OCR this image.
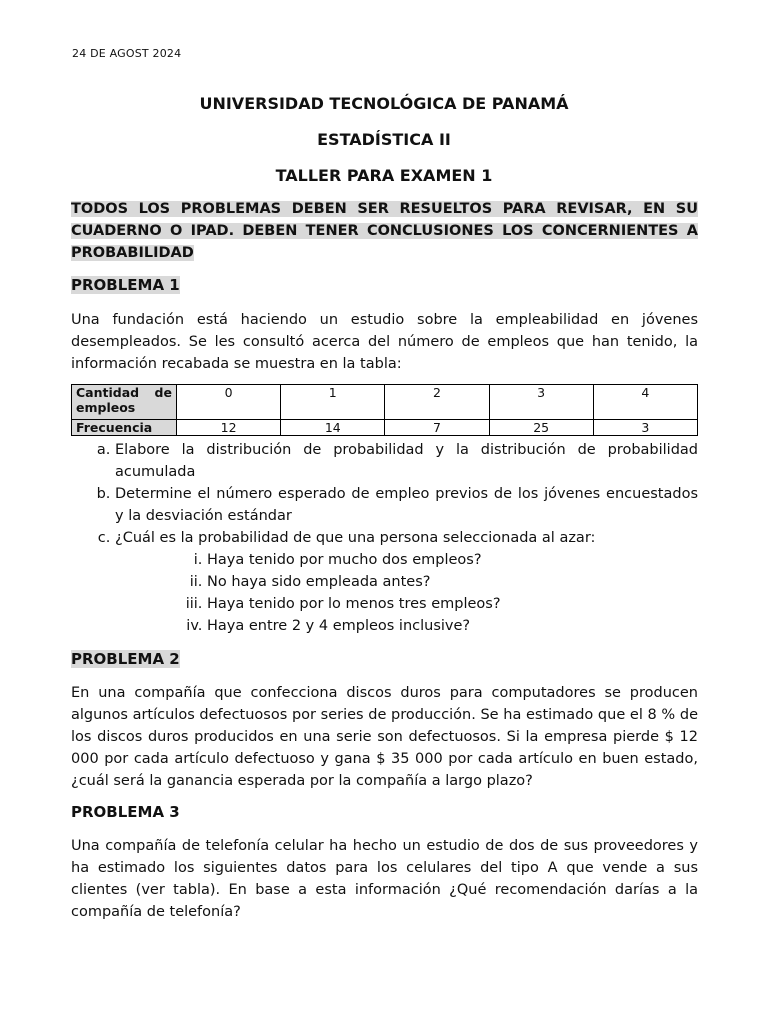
24 DE AGOST 2024
UNIVERSIDAD TECNOLÓGICA DE PANAMÁ
ESTADÍSTICA II
TALLER PARA EXAMEN 1
TODOS LOS PROBLEMAS DEBEN SER RESUELTOS PARA REVISAR, EN SU CUADERNO O IPAD. DEBEN TENER CONCLUSIONES LOS CONCERNIENTES A PROBABILIDAD
PROBLEMA 1
Una fundación está haciendo un estudio sobre la empleabilidad en jóvenes desempleados. Se les consultó acerca del número de empleos que han tenido, la información recabada se muestra en la tabla:
Cantidad de empleos	0	1	2	3	4
Frecuencia	12	14	7	25	3
a. Elabore la distribución de probabilidad y la distribución de probabilidad acumulada
b. Determine el número esperado de empleo previos de los jóvenes encuestados y la desviación estándar
c. ¿Cuál es la probabilidad de que una persona seleccionada al azar:
i. Haya tenido por mucho dos empleos?
ii. No haya sido empleada antes?
iii. Haya tenido por lo menos tres empleos?
iv. Haya entre 2 y 4 empleos inclusive?
PROBLEMA 2
En una compañía que confecciona discos duros para computadores se producen algunos artículos defectuosos por series de producción. Se ha estimado que el 8 % de los discos duros producidos en una serie son defectuosos. Si la empresa pierde $ 12 000 por cada artículo defectuoso y gana $ 35 000 por cada artículo en buen estado, ¿cuál será la ganancia esperada por la compañía a largo plazo?
PROBLEMA 3
Una compañía de telefonía celular ha hecho un estudio de dos de sus proveedores y ha estimado los siguientes datos para los celulares del tipo A que vende a sus clientes (ver tabla). En base a esta información ¿Qué recomendación darías a la compañía de telefonía?
